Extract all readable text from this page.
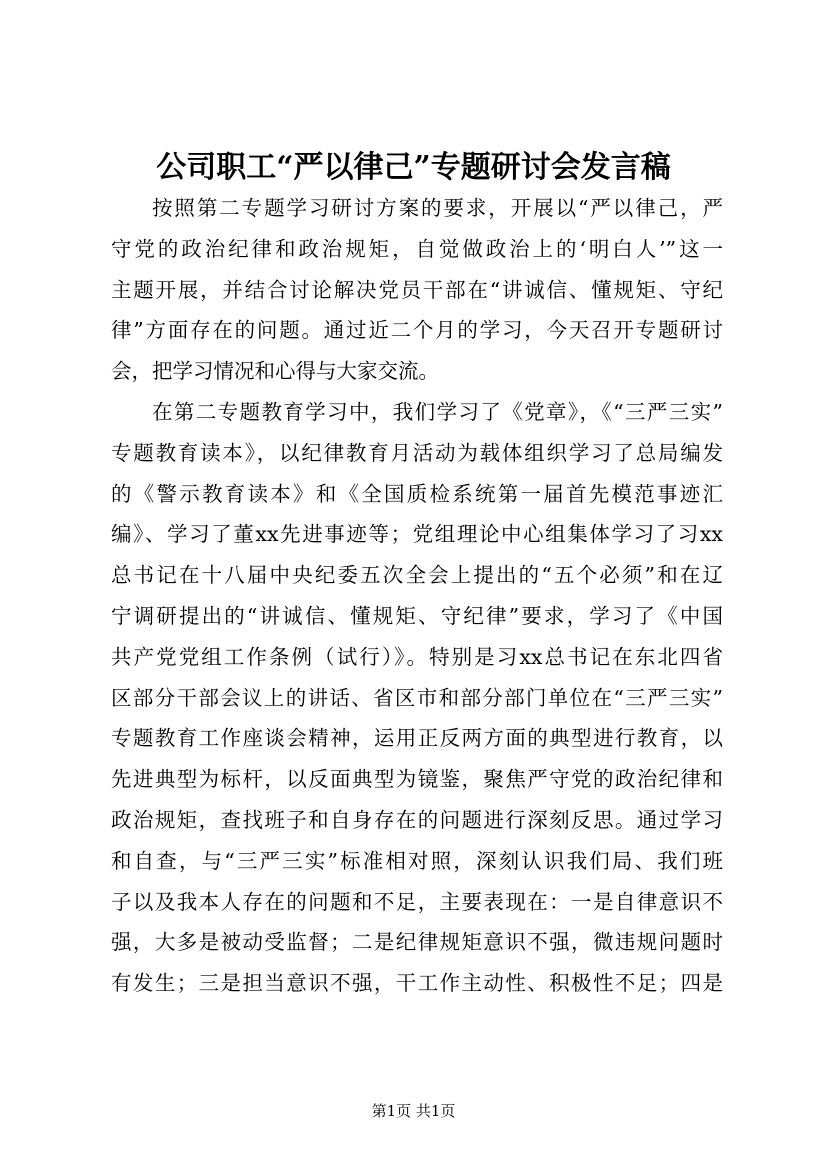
公司职工“严以律己”专题研讨会发言稿

按照第二专题学习研讨方案的要求，开展以“严以律己，严
守党的政治纪律和政治规矩，自觉做政治上的‘明白人’”这一
主题开展，并结合讨论解决党员干部在“讲诚信、懂规矩、守纪
律”方面存在的问题。通过近二个月的学习，今天召开专题研讨
会，把学习情况和心得与大家交流。

在第二专题教育学习中，我们学习了《党章》，《“三严三实”
专题教育读本》，以纪律教育月活动为载体组织学习了总局编发
的《警示教育读本》和《全国质检系统第一届首先模范事迹汇
编》、学习了董xx先进事迹等；党组理论中心组集体学习了习xx
总书记在十八届中央纪委五次全会上提出的“五个必须”和在辽
宁调研提出的“讲诚信、懂规矩、守纪律”要求，学习了《中国
共产党党组工作条例（试行）》。特别是习xx总书记在东北四省
区部分干部会议上的讲话、省区市和部分部门单位在“三严三实”
专题教育工作座谈会精神，运用正反两方面的典型进行教育，以
先进典型为标杆，以反面典型为镜鉴，聚焦严守党的政治纪律和
政治规矩，查找班子和自身存在的问题进行深刻反思。通过学习
和自查，与“三严三实”标准相对照，深刻认识我们局、我们班
子以及我本人存在的问题和不足，主要表现在：一是自律意识不
强，大多是被动受监督；二是纪律规矩意识不强，微违规问题时
有发生；三是担当意识不强，干工作主动性、积极性不足；四是

第1页 共1页
